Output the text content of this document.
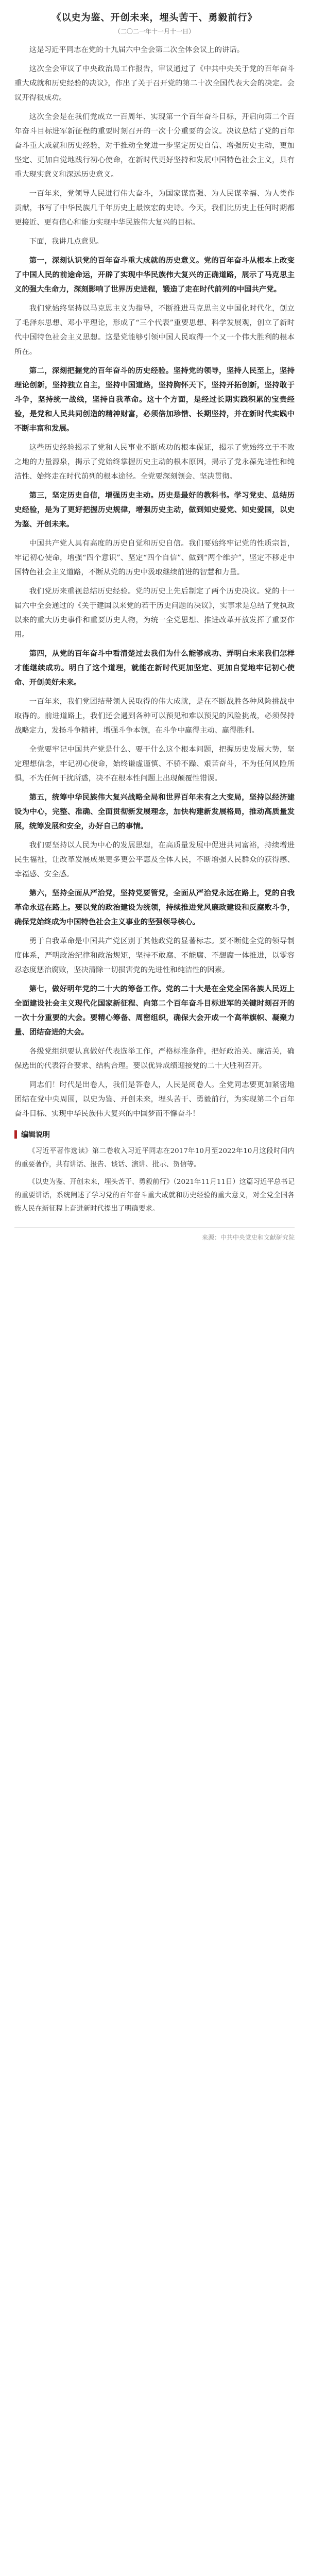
《以史为鉴、开创未来，埋头苦干、勇毅前行》
（二〇二一年十一月十一日）

这是习近平同志在党的十九届六中全会第二次全体会议上的讲话。

这次全会审议了中央政治局工作报告，审议通过了《中共中央关于党的百年奋斗重大成就和历史经验的决议》，作出了关于召开党的第二十次全国代表大会的决定。会议开得很成功。

这次全会是在我们党成立一百周年、实现第一个百年奋斗目标，开启向第二个百年奋斗目标进军新征程的重要时刻召开的一次十分重要的会议。决议总结了党的百年奋斗重大成就和历史经验，对于推动全党进一步坚定历史自信、增强历史主动，更加坚定、更加自觉地践行初心使命，在新时代更好坚持和发展中国特色社会主义，具有重大现实意义和深远历史意义。

一百年来，党领导人民进行伟大奋斗，为国家谋富强、为人民谋幸福、为人类作贡献，书写了中华民族几千年历史上最恢宏的史诗。今天，我们比历史上任何时期都更接近、更有信心和能力实现中华民族伟大复兴的目标。

下面，我讲几点意见。

第一，深刻认识党的百年奋斗重大成就的历史意义。党的百年奋斗从根本上改变了中国人民的前途命运，开辟了实现中华民族伟大复兴的正确道路，展示了马克思主义的强大生命力，深刻影响了世界历史进程，锻造了走在时代前列的中国共产党。

我们党始终坚持以马克思主义为指导，不断推进马克思主义中国化时代化，创立了毛泽东思想、邓小平理论，形成了“三个代表”重要思想、科学发展观，创立了新时代中国特色社会主义思想。这是党能够引领中国人民取得一个又一个伟大胜利的根本所在。

第二，深刻把握党的百年奋斗的历史经验。坚持党的领导，坚持人民至上，坚持理论创新，坚持独立自主，坚持中国道路，坚持胸怀天下，坚持开拓创新，坚持敢于斗争，坚持统一战线，坚持自我革命。这十个方面，是经过长期实践积累的宝贵经验，是党和人民共同创造的精神财富，必须倍加珍惜、长期坚持，并在新时代实践中不断丰富和发展。

这些历史经验揭示了党和人民事业不断成功的根本保证，揭示了党始终立于不败之地的力量源泉，揭示了党始终掌握历史主动的根本原因，揭示了党永葆先进性和纯洁性、始终走在时代前列的根本途径。全党要深刻领会、坚决贯彻。

第三，坚定历史自信，增强历史主动。历史是最好的教科书。学习党史、总结历史经验，是为了更好把握历史规律，增强历史主动，做到知史爱党、知史爱国，以史为鉴、开创未来。

中国共产党人具有高度的历史自觉和历史自信。我们要始终牢记党的性质宗旨，牢记初心使命，增强“四个意识”、坚定“四个自信”、做到“两个维护”，坚定不移走中国特色社会主义道路，不断从党的历史中汲取继续前进的智慧和力量。

我们党历来重视总结历史经验。党的历史上先后制定了两个历史决议。党的十一届六中全会通过的《关于建国以来党的若干历史问题的决议》，实事求是总结了党执政以来的重大历史事件和重要历史人物，为统一全党思想、推进改革开放发挥了重要作用。

第四，从党的百年奋斗中看清楚过去我们为什么能够成功、弄明白未来我们怎样才能继续成功。明白了这个道理，就能在新时代更加坚定、更加自觉地牢记初心使命、开创美好未来。

一百年来，我们党团结带领人民取得的伟大成就，是在不断战胜各种风险挑战中取得的。前进道路上，我们还会遇到各种可以预见和难以预见的风险挑战，必须保持战略定力，发扬斗争精神，增强斗争本领，在斗争中赢得主动、赢得胜利。

全党要牢记中国共产党是什么、要干什么这个根本问题，把握历史发展大势，坚定理想信念，牢记初心使命，始终谦虚谨慎、不骄不躁、艰苦奋斗，不为任何风险所惧，不为任何干扰所惑，决不在根本性问题上出现颠覆性错误。

第五，统筹中华民族伟大复兴战略全局和世界百年未有之大变局，坚持以经济建设为中心，完整、准确、全面贯彻新发展理念，加快构建新发展格局，推动高质量发展，统筹发展和安全，办好自己的事情。

我们要坚持以人民为中心的发展思想，在高质量发展中促进共同富裕，持续增进民生福祉，让改革发展成果更多更公平惠及全体人民，不断增强人民群众的获得感、幸福感、安全感。

第六，坚持全面从严治党，坚持党要管党，全面从严治党永远在路上，党的自我革命永远在路上。要以党的政治建设为统领，持续推进党风廉政建设和反腐败斗争，确保党始终成为中国特色社会主义事业的坚强领导核心。

勇于自我革命是中国共产党区别于其他政党的显著标志。要不断健全党的领导制度体系，严明政治纪律和政治规矩，坚持不敢腐、不能腐、不想腐一体推进，以零容忍态度惩治腐败，坚决清除一切损害党的先进性和纯洁性的因素。

第七，做好明年党的二十大的筹备工作。党的二十大是在全党全国各族人民迈上全面建设社会主义现代化国家新征程、向第二个百年奋斗目标进军的关键时刻召开的一次十分重要的大会。要精心筹备、周密组织，确保大会开成一个高举旗帜、凝聚力量、团结奋进的大会。

各级党组织要认真做好代表选举工作，严格标准条件，把好政治关、廉洁关，确保选出的代表符合要求、结构合理。要以优异成绩迎接党的二十大胜利召开。

同志们！时代是出卷人，我们是答卷人，人民是阅卷人。全党同志要更加紧密地团结在党中央周围，以史为鉴、开创未来，埋头苦干、勇毅前行，为实现第二个百年奋斗目标、实现中华民族伟大复兴的中国梦而不懈奋斗！

编辑说明

《习近平著作选读》第二卷收入习近平同志在2017年10月至2022年10月这段时间内的重要著作，共有讲话、报告、谈话、演讲、批示、贺信等。

《以史为鉴、开创未来，埋头苦干、勇毅前行》（2021年11月11日）这篇习近平总书记的重要讲话，系统阐述了学习党的百年奋斗重大成就和历史经验的重大意义，对全党全国各族人民在新征程上奋进新时代提出了明确要求。

来源：中共中央党史和文献研究院
